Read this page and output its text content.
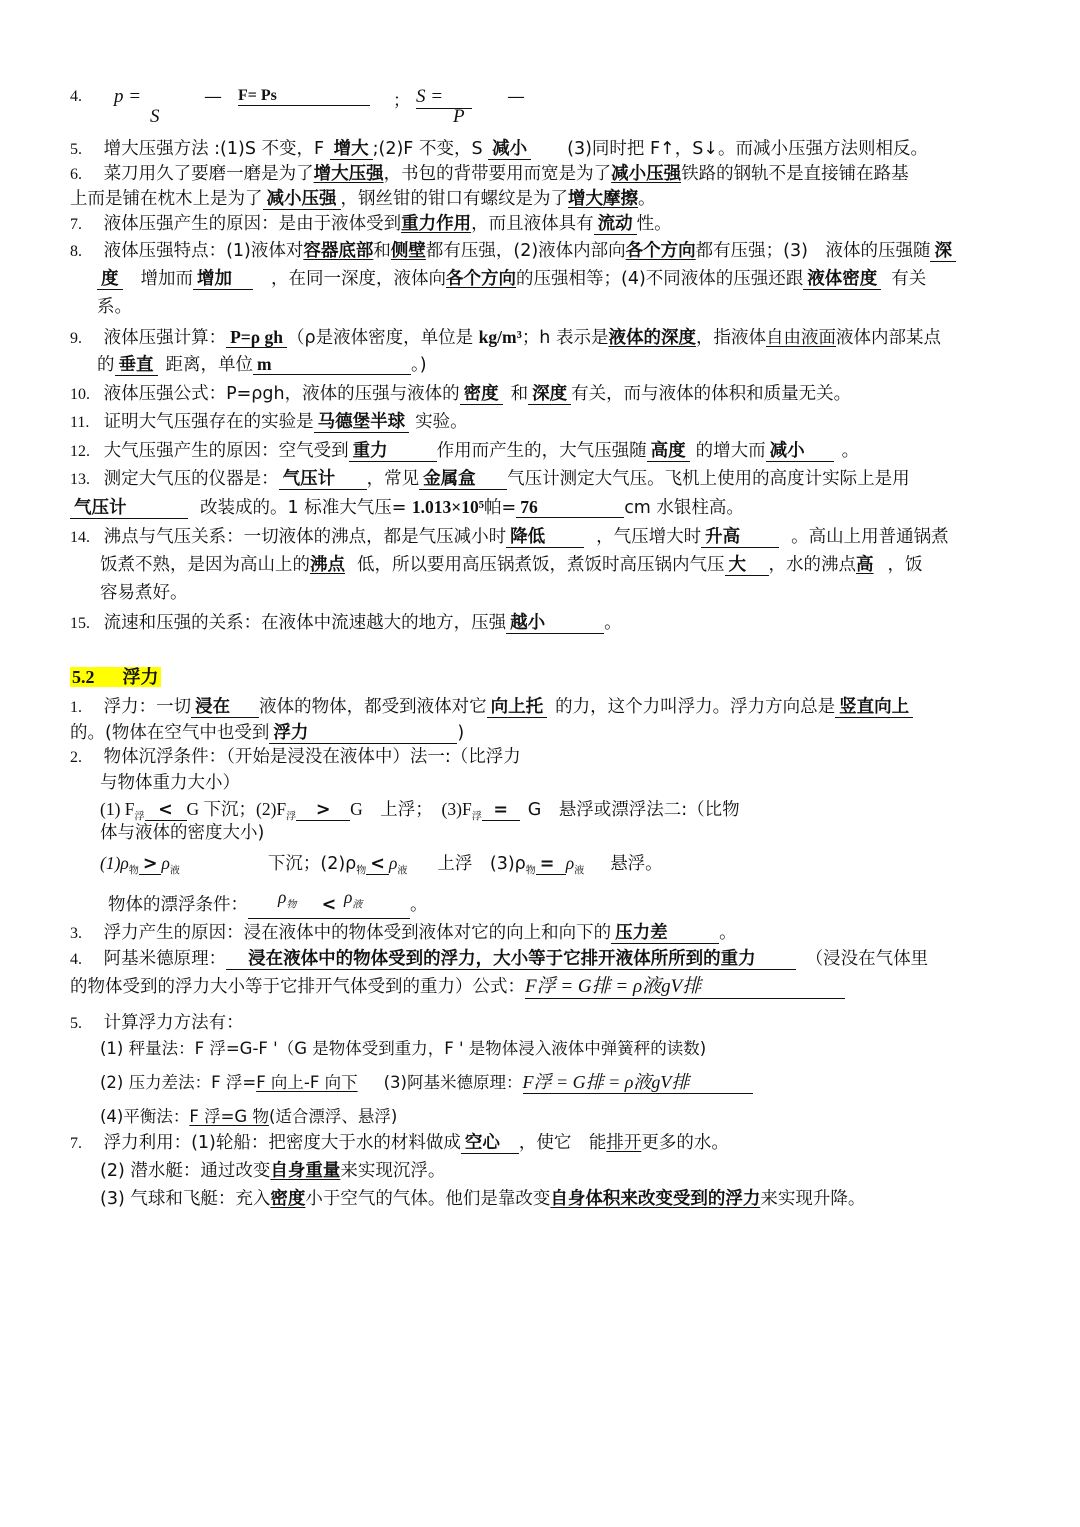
4.	p =
S
— F= Ps	； S =
P
—
5. 增大压强方法 :(1)S 不变，F 增大 ;(2)F 不变，S 减小 (3)同时把 F↑，S↓。而减小压强方法则相反。
6. 菜刀用久了要磨一磨是为了增大压强，书包的背带要用而宽是为了减小压强铁路的钢轨不是直接铺在路基
上而是铺在枕木上是为了 减小压强 ，钢丝钳的钳口有螺纹是为了增大摩擦。
7. 液体压强产生的原因：是由于液体受到重力作用，而且液体具有 流动 性。
8. 液体压强特点：(1)液体对容器底部和侧壁都有压强，(2)液体内部向各个方向都有压强；(3)　液体的压强随 深
度 增加而 增加 ，在同一深度，液体向各个方向的压强相等；(4)不同液体的压强还跟 液体密度 有关
系。
9. 液体压强计算： P=ρ gh （ρ是液体密度，单位是 kg/m³；h 表示是液体的深度，指液体自由液面液体内部某点
的 垂直 距离，单位 m	。)
10. 液体压强公式：P=ρgh，液体的压强与液体的 密度 和 深度 有关，而与液体的体积和质量无关。
11. 证明大气压强存在的实验是 马德堡半球 实验。
12. 大气压强产生的原因：空气受到 重力	作用而产生的，大气压强随 高度 的增大而 减小 。
13. 测定大气压的仪器是： 气压计 ，常见 金属盒 气压计测定大气压。飞机上使用的高度计实际上是用
气压计	改装成的。1 标准大气压= 1.013×10⁵帕= 76	cm 水银柱高。
14. 沸点与气压关系：一切液体的沸点，都是气压减小时 降低	，气压增大时 升高	。高山上用普通锅煮
饭煮不熟，是因为高山上的沸点 低，所以要用高压锅煮饭，煮饭时高压锅内气压 大 ，水的沸点高 ，饭
容易煮好。
15. 流速和压强的关系：在液体中流速越大的地方，压强 越小	。
5.2 浮力
1. 浮力：一切 浸在 液体的物体，都受到液体对它 向上托 的力，这个力叫浮力。浮力方向总是 竖直向上
的。(物体在空气中也受到 浮力	)
2. 物体沉浮条件：（开始是浸没在液体中）法一:（比浮力
与物体重力大小）
(1) $F_浮 < G$ 下沉；$(2)F_浮 > G$　上浮；　$(3)F_浮 = G$　悬浮或漂浮法二:（比物
体与液体的密度大小)
$(1)\rho_物 > \rho_液$	下沉；$(2)\rho_物 < \rho_液$ 上浮　$(3)\rho_物 = \rho_液$ 悬浮。
物体的漂浮条件： $\rho_物 < \rho_液$	。
3. 浮力产生的原因：浸在液体中的物体受到液体对它的向上和向下的 压力差	。
4. 阿基米德原理： 浸在液体中的物体受到的浮力，大小等于它排开液体所所到的重力	（浸没在气体里
的物体受到的浮力大小等于它排开气体受到的重力）公式：F浮 = G排 = ρ液gV排
5. 计算浮力方法有：
(1) 秤量法：F 浮=G-F '（G 是物体受到重力，F ' 是物体浸入液体中弹簧秤的读数)
(2) 压力差法：F 浮=F 向上-F 向下 (3)阿基米德原理：F浮 = G排 = ρ液gV排
(4)平衡法：F 浮=G 物(适合漂浮、悬浮)
7. 浮力利用：(1)轮船：把密度大于水的材料做成 空心 ，使它　能排开更多的水。
(2) 潜水艇：通过改变自身重量来实现沉浮。
(3) 气球和飞艇：充入密度小于空气的气体。他们是靠改变自身体积来改变受到的浮力来实现升降。
